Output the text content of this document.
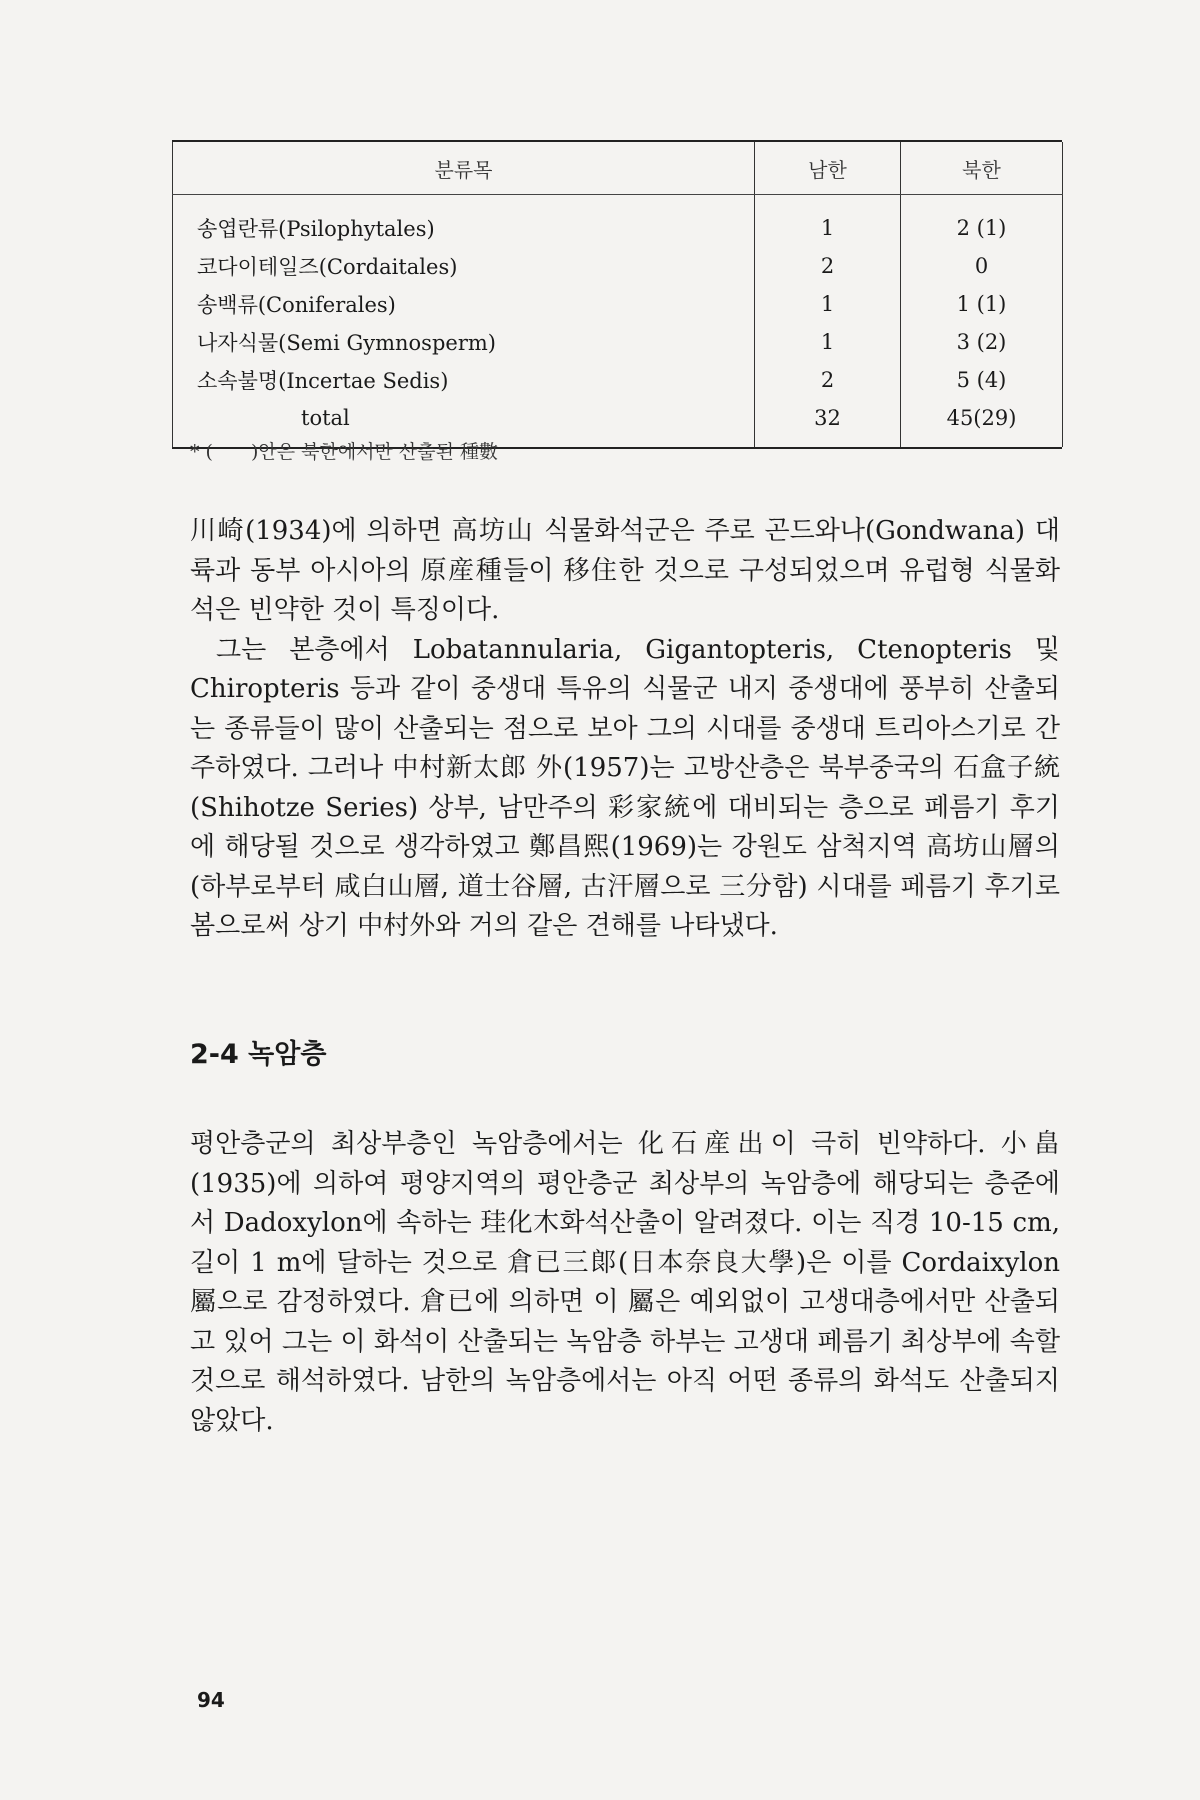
분류목	남한	북한
송엽란류(Psilophytales)	1	2 (1)
코다이테일즈(Cordaitales)	2	0
송백류(Coniferales)	1	1 (1)
나자식물(Semi Gymnosperm)	1	3 (2)
소속불명(Incertae Sedis)	2	5 (4)
total	32	45(29)
* (　　)안은 북한에서만 산출된 種數

川崎(1934)에 의하면 高坊山 식물화석군은 주로 곤드와나(Gondwana) 대륙과 동부 아시아의 原産種들이 移住한 것으로 구성되었으며 유럽형 식물화석은 빈약한 것이 특징이다.

그는 본층에서 Lobatannularia, Gigantopteris, Ctenopteris 및 Chiropteris 등과 같이 중생대 특유의 식물군 내지 중생대에 풍부히 산출되는 종류들이 많이 산출되는 점으로 보아 그의 시대를 중생대 트리아스기로 간주하였다. 그러나 中村新太郎 外(1957)는 고방산층은 북부중국의 石盒子統 (Shihotze Series) 상부, 남만주의 彩家統에 대비되는 층으로 페름기 후기에 해당될 것으로 생각하였고 鄭昌熙(1969)는 강원도 삼척지역 高坊山層의(하부로부터 咸白山層, 道士谷層, 古汗層으로 三分함) 시대를 페름기 후기로 봄으로써 상기 中村外와 거의 같은 견해를 나타냈다.

2-4 녹암층

평안층군의 최상부층인 녹암층에서는 化石産出이 극히 빈약하다. 小畠(1935)에 의하여 평양지역의 평안층군 최상부의 녹암층에 해당되는 층준에서 Dadoxylon에 속하는 珪化木화석산출이 알려졌다. 이는 직경 10-15 cm, 길이 1 m에 달하는 것으로 倉已三郞(日本奈良大學)은 이를 Cordaixylon 屬으로 감정하였다. 倉已에 의하면 이 屬은 예외없이 고생대층에서만 산출되고 있어 그는 이 화석이 산출되는 녹암층 하부는 고생대 페름기 최상부에 속할 것으로 해석하였다. 남한의 녹암층에서는 아직 어떤 종류의 화석도 산출되지 않았다.

94
